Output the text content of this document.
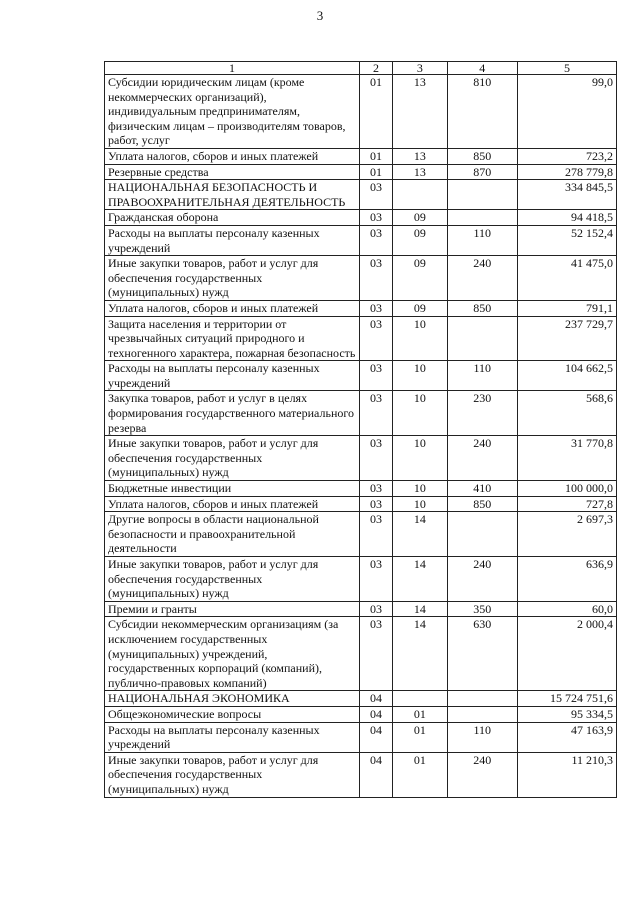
3
1	2	3	4	5
Субсидии юридическим лицам (кроме некоммерческих организаций), индивидуальным предпринимателям, физическим лицам – производителям товаров, работ, услуг	01	13	810	99,0
Уплата налогов, сборов и иных платежей	01	13	850	723,2
Резервные средства	01	13	870	278 779,8
НАЦИОНАЛЬНАЯ БЕЗОПАСНОСТЬ И ПРАВООХРАНИТЕЛЬНАЯ ДЕЯТЕЛЬНОСТЬ	03			334 845,5
Гражданская оборона	03	09		94 418,5
Расходы на выплаты персоналу казенных учреждений	03	09	110	52 152,4
Иные закупки товаров, работ и услуг для обеспечения государственных (муниципальных) нужд	03	09	240	41 475,0
Уплата налогов, сборов и иных платежей	03	09	850	791,1
Защита населения и территории от чрезвычайных ситуаций природного и техногенного характера, пожарная безопасность	03	10		237 729,7
Расходы на выплаты персоналу казенных учреждений	03	10	110	104 662,5
Закупка товаров, работ и услуг в целях формирования государственного материального резерва	03	10	230	568,6
Иные закупки товаров, работ и услуг для обеспечения государственных (муниципальных) нужд	03	10	240	31 770,8
Бюджетные инвестиции	03	10	410	100 000,0
Уплата налогов, сборов и иных платежей	03	10	850	727,8
Другие вопросы в области национальной безопасности и правоохранительной деятельности	03	14		2 697,3
Иные закупки товаров, работ и услуг для обеспечения государственных (муниципальных) нужд	03	14	240	636,9
Премии и гранты	03	14	350	60,0
Субсидии некоммерческим организациям (за исключением государственных (муниципальных) учреждений, государственных корпораций (компаний), публично-правовых компаний)	03	14	630	2 000,4
НАЦИОНАЛЬНАЯ ЭКОНОМИКА	04			15 724 751,6
Общеэкономические вопросы	04	01		95 334,5
Расходы на выплаты персоналу казенных учреждений	04	01	110	47 163,9
Иные закупки товаров, работ и услуг для обеспечения государственных (муниципальных) нужд	04	01	240	11 210,3
